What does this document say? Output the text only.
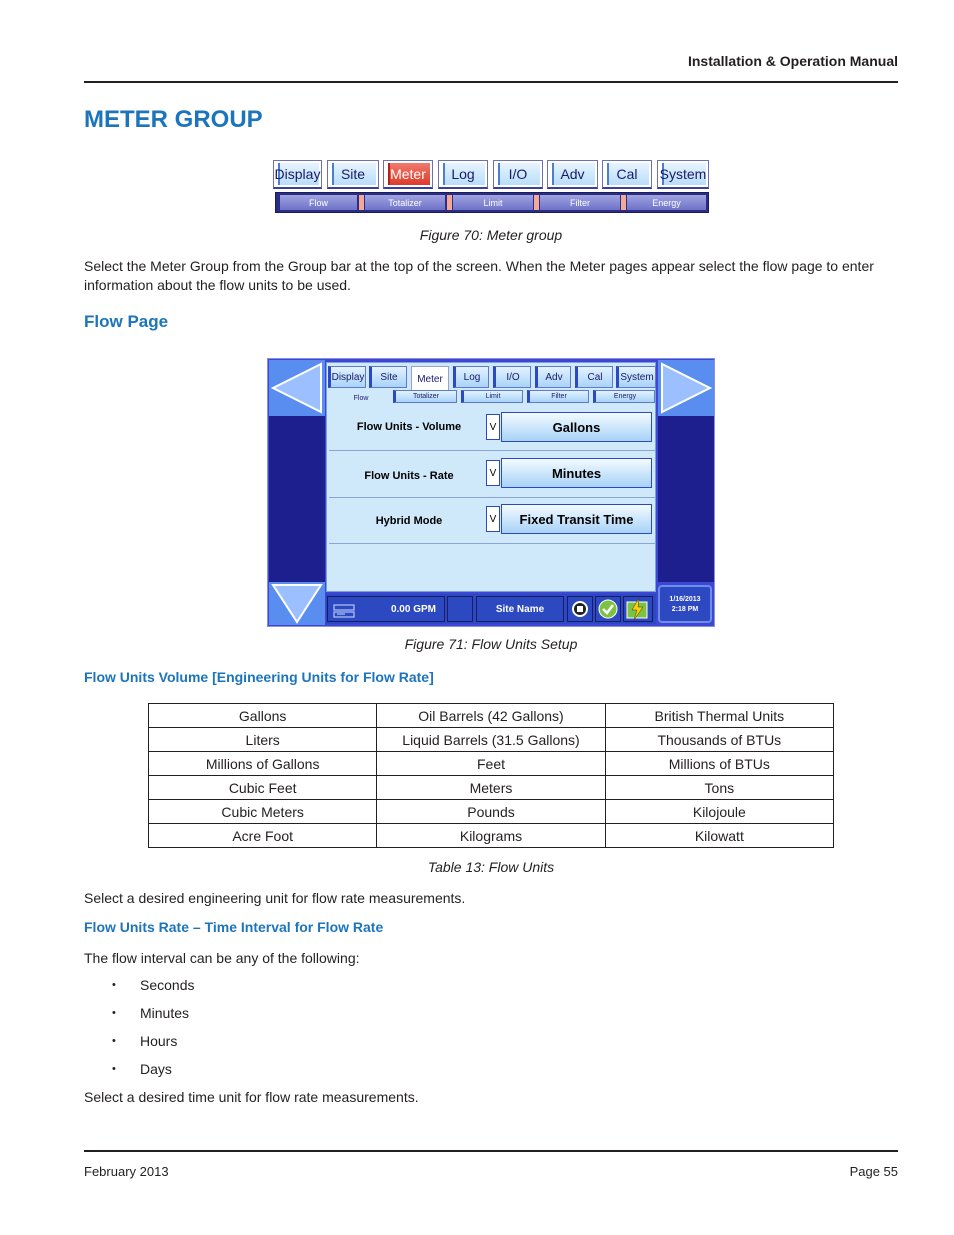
Installation & Operation Manual
METER GROUP
Display Site Meter Log I/O Adv Cal System
Flow	Totalizer	Limit	Filter	Energy
Figure 70: Meter group
Select the Meter Group from the Group bar at the top of the screen. When the Meter pages appear select the flow page to enter information about the flow units to be used.
Flow Page
Display	Site	Meter	Log	I/O	Adv	Cal	System
Flow	Totalizer	Limit	Filter	Energy
Flow Units - Volume	V	Gallons
Flow Units - Rate	V	Minutes
Hybrid Mode	V	Fixed Transit Time
0.00 GPM	Site Name
1/16/2013
2:18 PM
Figure 71: Flow Units Setup
Flow Units Volume [Engineering Units for Flow Rate]
Gallons	Oil Barrels (42 Gallons)	British Thermal Units
Liters	Liquid Barrels (31.5 Gallons)	Thousands of BTUs
Millions of Gallons	Feet	Millions of BTUs
Cubic Feet	Meters	Tons
Cubic Meters	Pounds	Kilojoule
Acre Foot	Kilograms	Kilowatt
Table 13: Flow Units
Select a desired engineering unit for flow rate measurements.
Flow Units Rate – Time Interval for Flow Rate
The flow interval can be any of the following:
• Seconds
• Minutes
• Hours
• Days
Select a desired time unit for flow rate measurements.
February 2013	Page 55
